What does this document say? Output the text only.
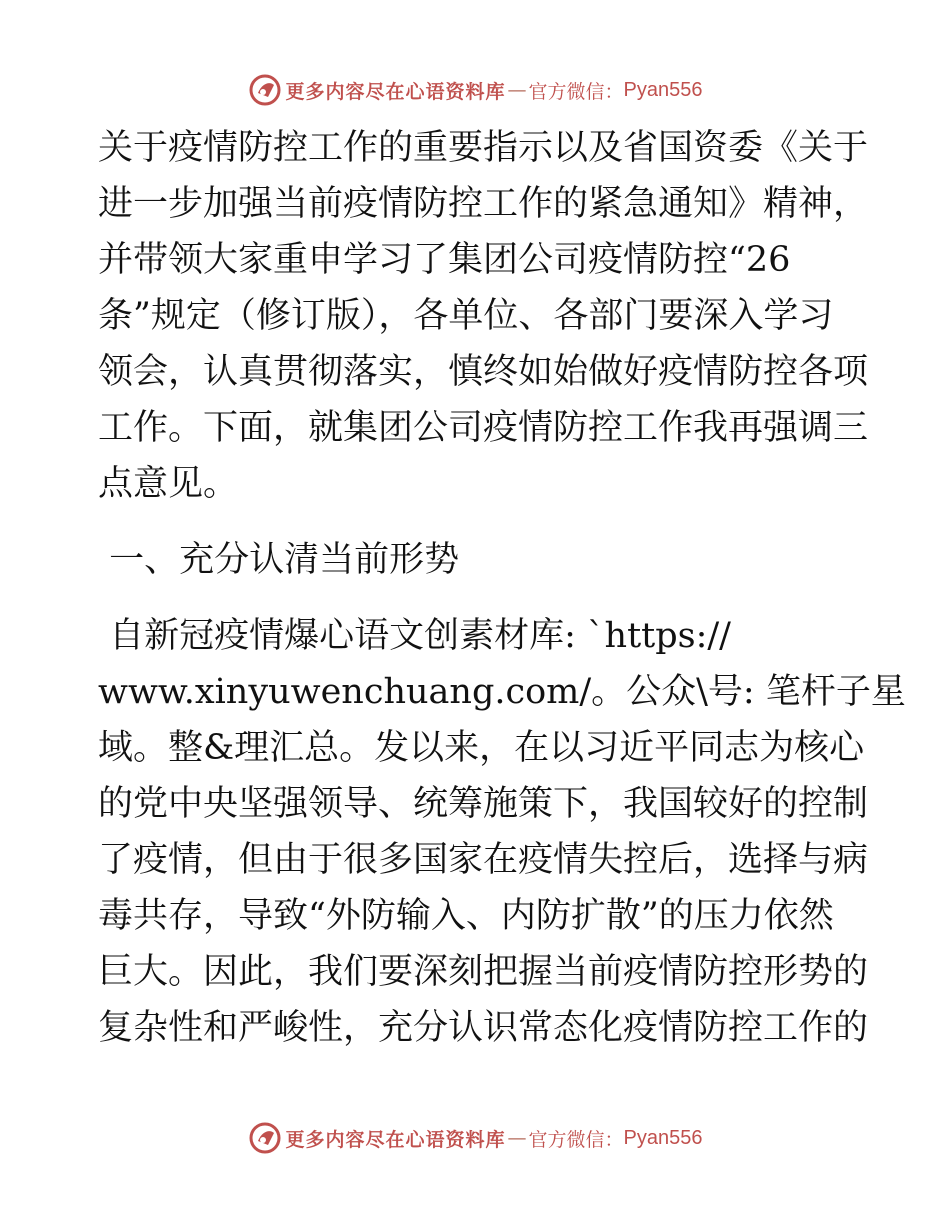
更多内容尽在心语资料库 — 官方微信： Pyan556
关于疫情防控工作的重要指示以及省国资委《关于
进一步加强当前疫情防控工作的紧急通知》精神，
并带领大家重申学习了集团公司疫情防控“26
条”规定（修订版），各单位、各部门要深入学习
领会，认真贯彻落实，慎终如始做好疫情防控各项
工作。下面，就集团公司疫情防控工作我再强调三
点意见。
一、充分认清当前形势
自新冠疫情爆心语文创素材库: `https://
www.xinyuwenchuang.com/。公众\号: 笔杆子星
域。整&理汇总。发以来，在以习近平同志为核心
的党中央坚强领导、统筹施策下，我国较好的控制
了疫情，但由于很多国家在疫情失控后，选择与病
毒共存，导致“外防输入、内防扩散”的压力依然
巨大。因此，我们要深刻把握当前疫情防控形势的
复杂性和严峻性，充分认识常态化疫情防控工作的
更多内容尽在心语资料库 — 官方微信： Pyan556
